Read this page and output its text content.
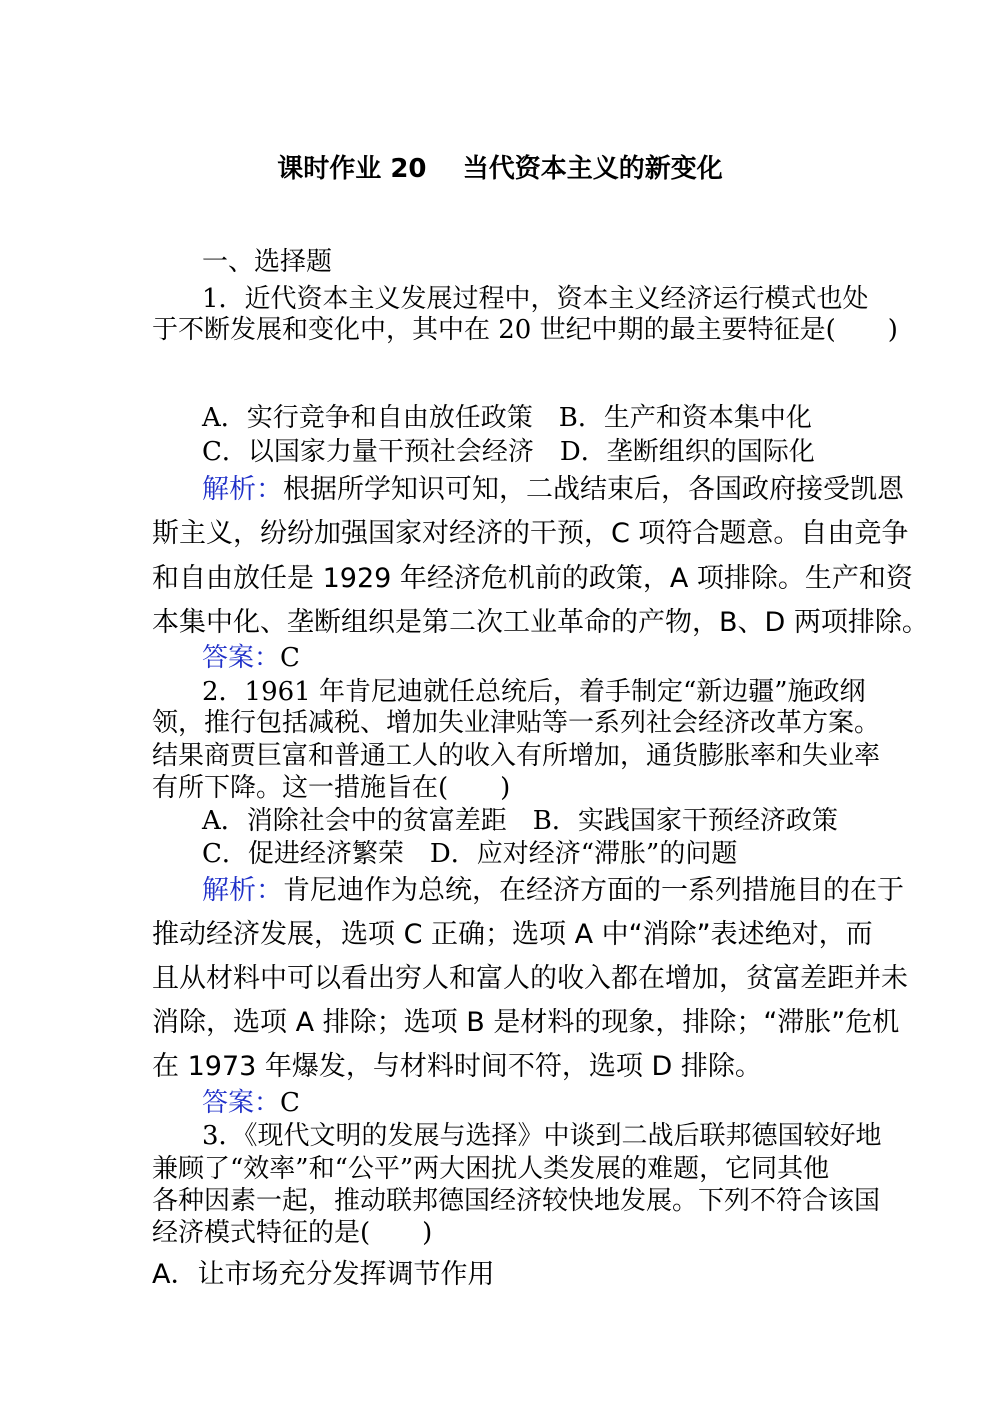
课时作业 20    当代资本主义的新变化
一、选择题
1．近代资本主义发展过程中，资本主义经济运行模式也处
于不断发展和变化中，其中在 20 世纪中期的最主要特征是(　　)
A．实行竞争和自由放任政策　B．生产和资本集中化
C．以国家力量干预社会经济　D．垄断组织的国际化
解析：根据所学知识可知，二战结束后，各国政府接受凯恩
斯主义，纷纷加强国家对经济的干预，C 项符合题意。自由竞争
和自由放任是 1929 年经济危机前的政策，A 项排除。生产和资
本集中化、垄断组织是第二次工业革命的产物，B、D 两项排除。
答案：C
2．1961 年肯尼迪就任总统后，着手制定“新边疆”施政纲
领，推行包括减税、增加失业津贴等一系列社会经济改革方案。
结果商贾巨富和普通工人的收入有所增加，通货膨胀率和失业率
有所下降。这一措施旨在(　　)
A．消除社会中的贫富差距　B．实践国家干预经济政策
C．促进经济繁荣　D．应对经济“滞胀”的问题
解析：肯尼迪作为总统，在经济方面的一系列措施目的在于
推动经济发展，选项 C 正确；选项 A 中“消除”表述绝对，而
且从材料中可以看出穷人和富人的收入都在增加，贫富差距并未
消除，选项 A 排除；选项 B 是材料的现象，排除；“滞胀”危机
在 1973 年爆发，与材料时间不符，选项 D 排除。
答案：C
3．《现代文明的发展与选择》中谈到二战后联邦德国较好地
兼顾了“效率”和“公平”两大困扰人类发展的难题，它同其他
各种因素一起，推动联邦德国经济较快地发展。下列不符合该国
经济模式特征的是(　　)
A．让市场充分发挥调节作用
